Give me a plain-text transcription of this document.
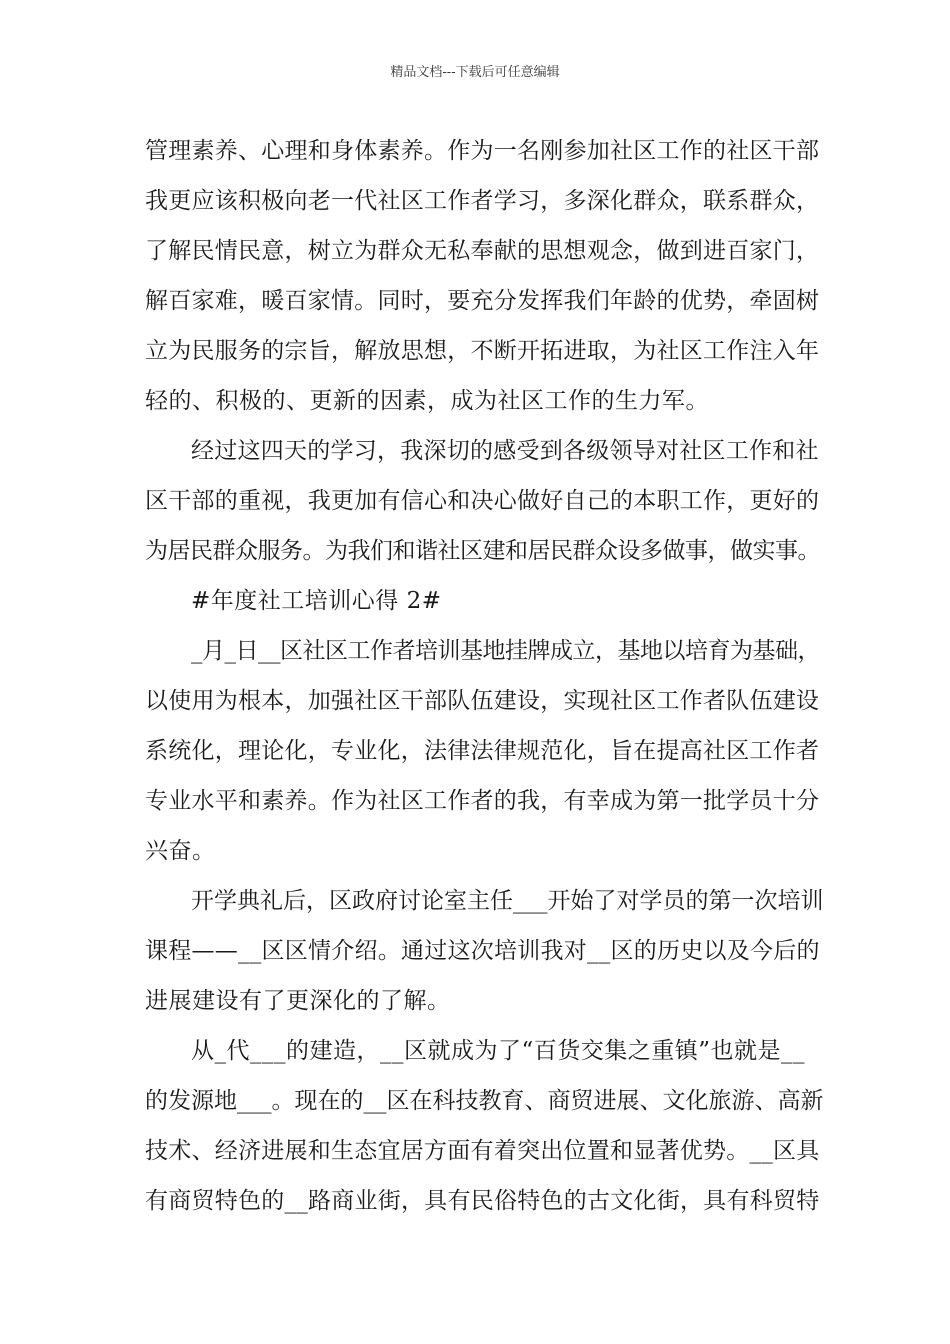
精品文档---下载后可任意编辑
管理素养、心理和身体素养。作为一名刚参加社区工作的社区干部
我更应该积极向老一代社区工作者学习，多深化群众，联系群众，
了解民情民意，树立为群众无私奉献的思想观念，做到进百家门，
解百家难，暖百家情。同时，要充分发挥我们年龄的优势，牵固树
立为民服务的宗旨，解放思想，不断开拓进取，为社区工作注入年
轻的、积极的、更新的因素，成为社区工作的生力军。
经过这四天的学习，我深切的感受到各级领导对社区工作和社
区干部的重视，我更加有信心和决心做好自己的本职工作，更好的
为居民群众服务。为我们和谐社区建和居民群众设多做事，做实事。
#年度社工培训心得 2#
_月_日__区社区工作者培训基地挂牌成立，基地以培育为基础，
以使用为根本，加强社区干部队伍建设，实现社区工作者队伍建设
系统化，理论化，专业化，法律法律规范化，旨在提高社区工作者
专业水平和素养。作为社区工作者的我，有幸成为第一批学员十分
兴奋。
开学典礼后，区政府讨论室主任___开始了对学员的第一次培训
课程——__区区情介绍。通过这次培训我对__区的历史以及今后的
进展建设有了更深化的了解。
从_代___的建造，__区就成为了“百货交集之重镇”也就是__
的发源地___。现在的__区在科技教育、商贸进展、文化旅游、高新
技术、经济进展和生态宜居方面有着突出位置和显著优势。__区具
有商贸特色的__路商业街，具有民俗特色的古文化街，具有科贸特
